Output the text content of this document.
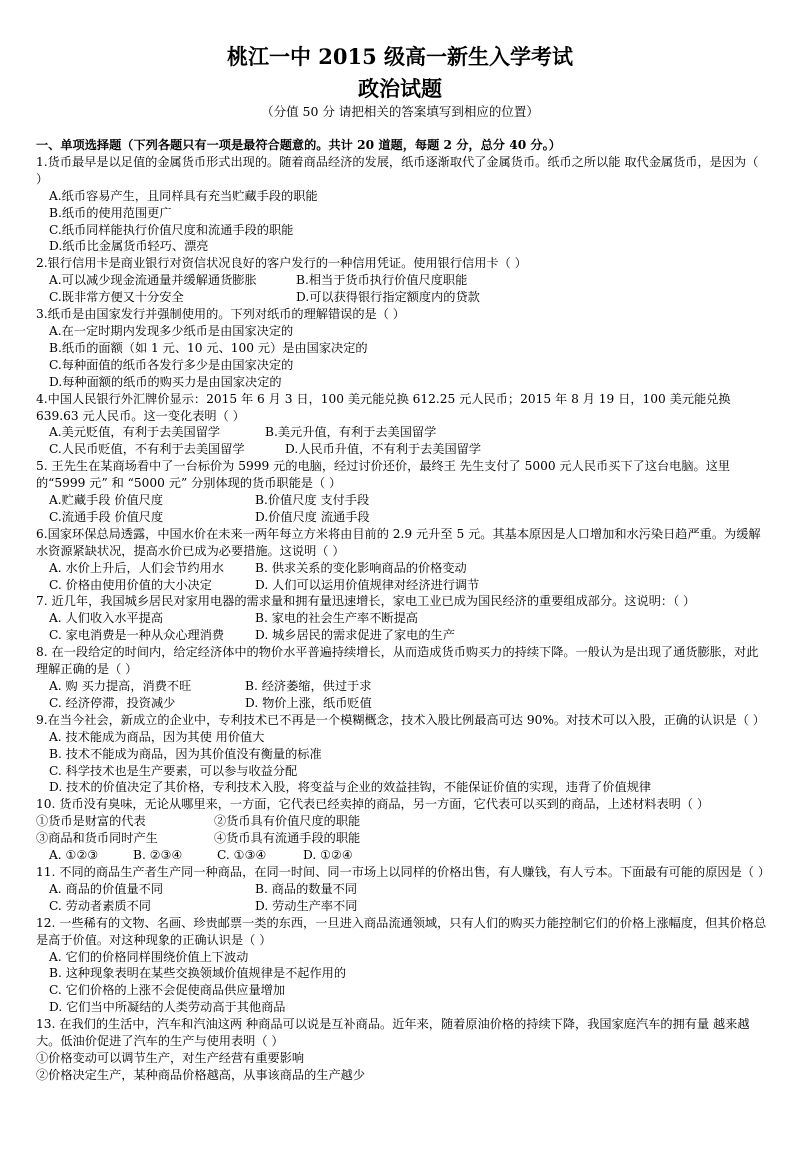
桃江一中 2015 级高一新生入学考试
政治试题
（分值 50 分 请把相关的答案填写到相应的位置）
一、单项选择题（下列各题只有一项是最符合题意的。共计 20 道题，每题 2 分，总分 40 分。）
1.货币最早是以足值的金属货币形式出现的。随着商品经济的发展，纸币逐渐取代了金属货币。纸币之所以能 取代金属货币，是因为（ ）
A.纸币容易产生，且同样具有充当贮藏手段的职能
B.纸币的使用范围更广
C.纸币同样能执行价值尺度和流通手段的职能
D.纸币比金属货币轻巧、漂亮
2.银行信用卡是商业银行对资信状况良好的客户发行的一种信用凭证。使用银行信用卡（ ）
A.可以减少现金流通量并缓解通货膨胀	B.相当于货币执行价值尺度职能
C.既非常方便又十分安全	D.可以获得银行指定额度内的贷款
3.纸币是由国家发行并强制使用的。下列对纸币的理解错误的是（ ）
A.在一定时期内发现多少纸币是由国家决定的
B.纸币的面额（如 1 元、10 元、100 元）是由国家决定的
C.每种面值的纸币各发行多少是由国家决定的
D.每种面额的纸币的购买力是由国家决定的
4.中国人民银行外汇牌价显示：2015 年 6 月 3 日，100 美元能兑换 612.25 元人民币；2015 年 8 月 19 日，100 美元能兑换 639.63 元人民币。这一变化表明（ ）
A.美元贬值，有利于去美国留学	B.美元升值，有利于去美国留学
C.人民币贬值，不有利于去美国留学	D.人民币升值，不有利于去美国留学
5. 王先生在某商场看中了一台标价为 5999 元的电脑，经过讨价还价，最终王 先生支付了 5000 元人民币买下了这台电脑。这里的“5999 元” 和 “5000 元” 分别体现的货币职能是（ ）
A.贮藏手段 价值尺度	B.价值尺度 支付手段
C.流通手段 价值尺度	D.价值尺度 流通手段
6.国家环保总局透露，中国水价在未来一两年每立方米将由目前的 2.9 元升至 5 元。其基本原因是人口增加和水污染日趋严重。为缓解水资源紧缺状况，提高水价已成为必要措施。这说明（ ）
A. 水价上升后，人们会节约用水	B. 供求关系的变化影响商品的价格变动
C. 价格由使用价值的大小决定	D. 人们可以运用价值规律对经济进行调节
7. 近几年，我国城乡居民对家用电器的需求量和拥有量迅速增长，家电工业已成为国民经济的重要组成部分。这说明：（ ）
A. 人们收入水平提高	B. 家电的社会生产率不断提高
C. 家电消费是一种从众心理消费	D. 城乡居民的需求促进了家电的生产
8. 在一段给定的时间内，给定经济体中的物价水平普遍持续增长，从而造成货币购买力的持续下降。一般认为是出现了通货膨胀，对此理解正确的是（ ）
A. 购 买力提高，消费不旺	B. 经济萎缩，供过于求
C. 经济停滞，投资减少	D. 物价上涨，纸币贬值
9.在当今社会，新成立的企业中，专利技术已不再是一个模糊概念，技术入股比例最高可达 90%。对技术可以入股，正确的认识是（ ）
A. 技术能成为商品，因为其使 用价值大
B. 技术不能成为商品，因为其价值没有衡量的标准
C. 科学技术也是生产要素，可以参与收益分配
D. 技术的价值决定了其价格，专利技术入股，将变益与企业的效益挂钩，不能保证价值的实现，违背了价值规律
10. 货币没有臭味，无论从哪里来，一方面，它代表已经卖掉的商品，另一方面，它代表可以买到的商品，上述材料表明（ ）
①货币是财富的代表	②货币具有价值尺度的职能
③商品和货币同时产生	④货币具有流通手段的职能
A. ①②③	B. ②③④	C. ①③④	D. ①②④
11. 不同的商品生产者生产同一种商品，在同一时间、同一市场上以同样的价格出售，有人赚钱，有人亏本。下面最有可能的原因是（ ）
A. 商品的价值量不同	B. 商品的数量不同
C. 劳动者素质不同	D. 劳动生产率不同
12. 一些稀有的文物、名画、珍贵邮票一类的东西，一旦进入商品流通领域，只有人们的购买力能控制它们的价格上涨幅度，但其价格总是高于价值。对这种现象的正确认识是（ ）
A. 它们的价格同样围绕价值上下波动
B. 这种现象表明在某些交换领域价值规律是不起作用的
C. 它们价格的上涨不会促使商品供应量增加
D. 它们当中所凝结的人类劳动高于其他商品
13. 在我们的生活中，汽车和汽油这两 种商品可以说是互补商品。近年来，随着原油价格的持续下降，我国家庭汽车的拥有量 越来越大。低油价促进了汽车的生产与使用表明（ ）
①价格变动可以调节生产，对生产经营有重要影响
②价格决定生产，某种商品价格越高，从事该商品的生产越少
